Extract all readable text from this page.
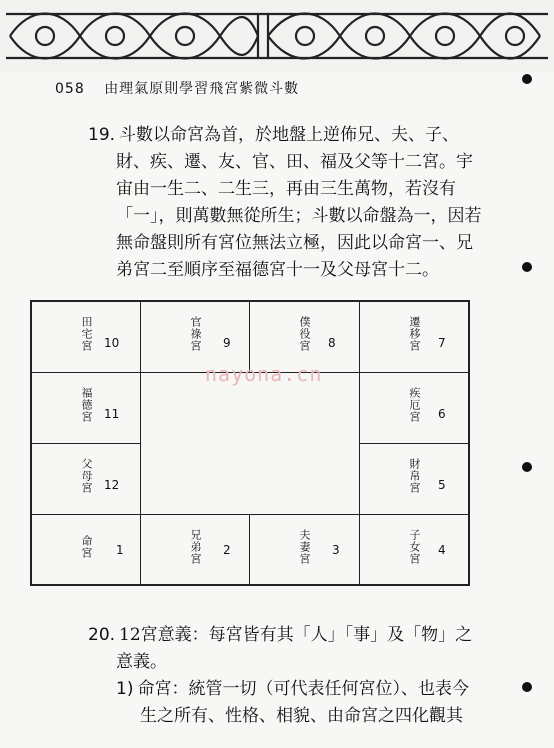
058 由理氣原則學習飛宮紫微斗數
19. 斗數以命宮為首，於地盤上逆佈兄、夫、子、
財、疾、遷、友、官、田、福及父等十二宮。宇
宙由一生二、二生三，再由三生萬物，若沒有
「一」，則萬數無從所生；斗數以命盤為一，因若
無命盤則所有宮位無法立極，因此以命宮一、兄
弟宮二至順序至福德宮十一及父母宮十二。
田宅宮 10	官祿宮 9	僕役宮 8	遷移宮 7
福德宮 11	疾厄宮 6
父母宮 12	財帛宮 5
命宮 1	兄弟宮 2	夫妻宮 3	子女宮 4
nayona.cn
20. 12宮意義：每宮皆有其「人」「事」及「物」之
意義。
1) 命宮：統管一切（可代表任何宮位）、也表今
生之所有、性格、相貌、由命宮之四化觀其
